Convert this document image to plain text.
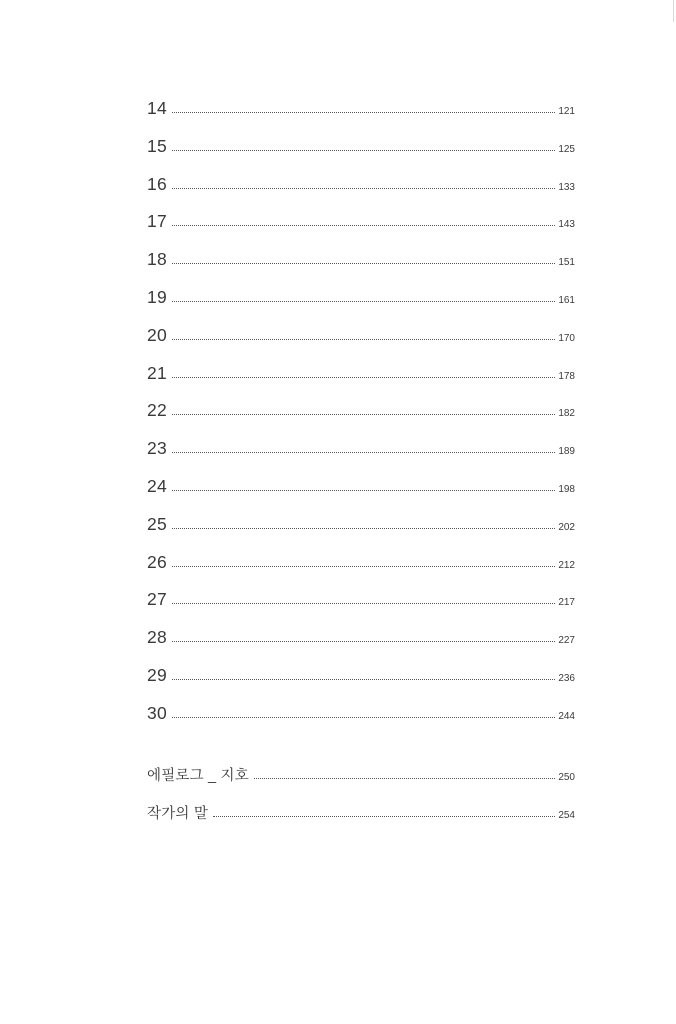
14	121
15	125
16	133
17	143
18	151
19	161
20	170
21	178
22	182
23	189
24	198
25	202
26	212
27	217
28	227
29	236
30	244
에필로그 _ 지호	250
작가의 말	254
